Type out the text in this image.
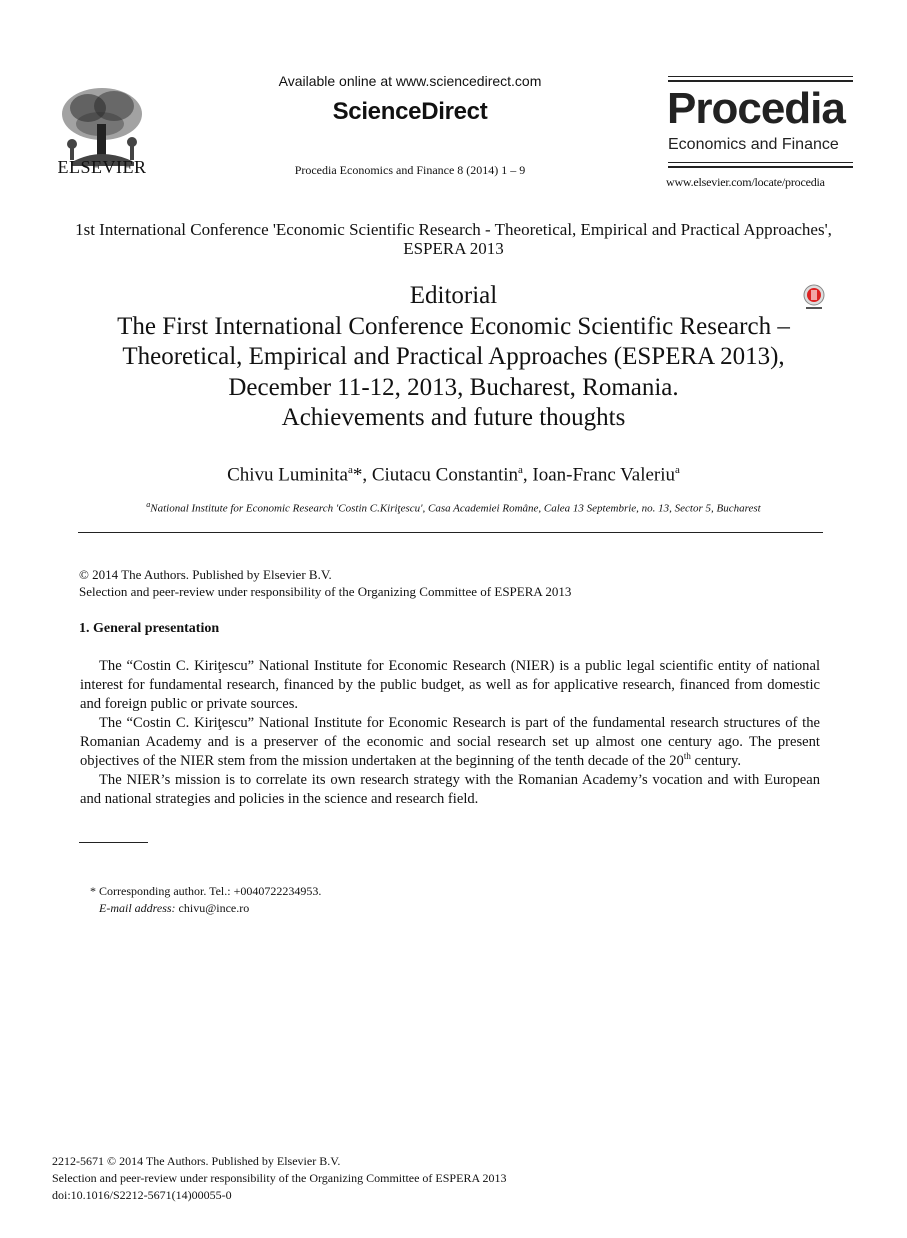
ELSEVIER
Available online at www.sciencedirect.com
ScienceDirect
Procedia Economics and Finance 8 (2014) 1 – 9
Procedia
Economics and Finance
www.elsevier.com/locate/procedia
1st International Conference 'Economic Scientific Research - Theoretical, Empirical and Practical Approaches', ESPERA 2013
Editorial
The First International Conference Economic Scientific Research –
Theoretical, Empirical and Practical Approaches (ESPERA 2013),
December 11-12, 2013, Bucharest, Romania.
Achievements and future thoughts
Chivu Luminita$^a$*, Ciutacu Constantin$^a$, Ioan-Franc Valeriu$^a$
$^a$National Institute for Economic Research 'Costin C.Kiriţescu', Casa Academiei Române, Calea 13 Septembrie, no. 13, Sector 5, Bucharest
© 2014 The Authors. Published by Elsevier B.V.
Selection and peer-review under responsibility of the Organizing Committee of ESPERA 2013
1. General presentation

The “Costin C. Kiriţescu” National Institute for Economic Research (NIER) is a public legal scientific entity of national interest for fundamental research, financed by the public budget, as well as for applicative research, financed from domestic and foreign public or private sources.

The “Costin C. Kiriţescu” National Institute for Economic Research is part of the fundamental research structures of the Romanian Academy and is a preserver of the economic and social research set up almost one century ago. The present objectives of the NIER stem from the mission undertaken at the beginning of the tenth decade of the 20th century.

The NIER’s mission is to correlate its own research strategy with the Romanian Academy’s vocation and with European and national strategies and policies in the science and research field.

* Corresponding author. Tel.: +0040722234953.
E-mail address: chivu@ince.ro
2212-5671 © 2014 The Authors. Published by Elsevier B.V.
Selection and peer-review under responsibility of the Organizing Committee of ESPERA 2013
doi:10.1016/S2212-5671(14)00055-0
